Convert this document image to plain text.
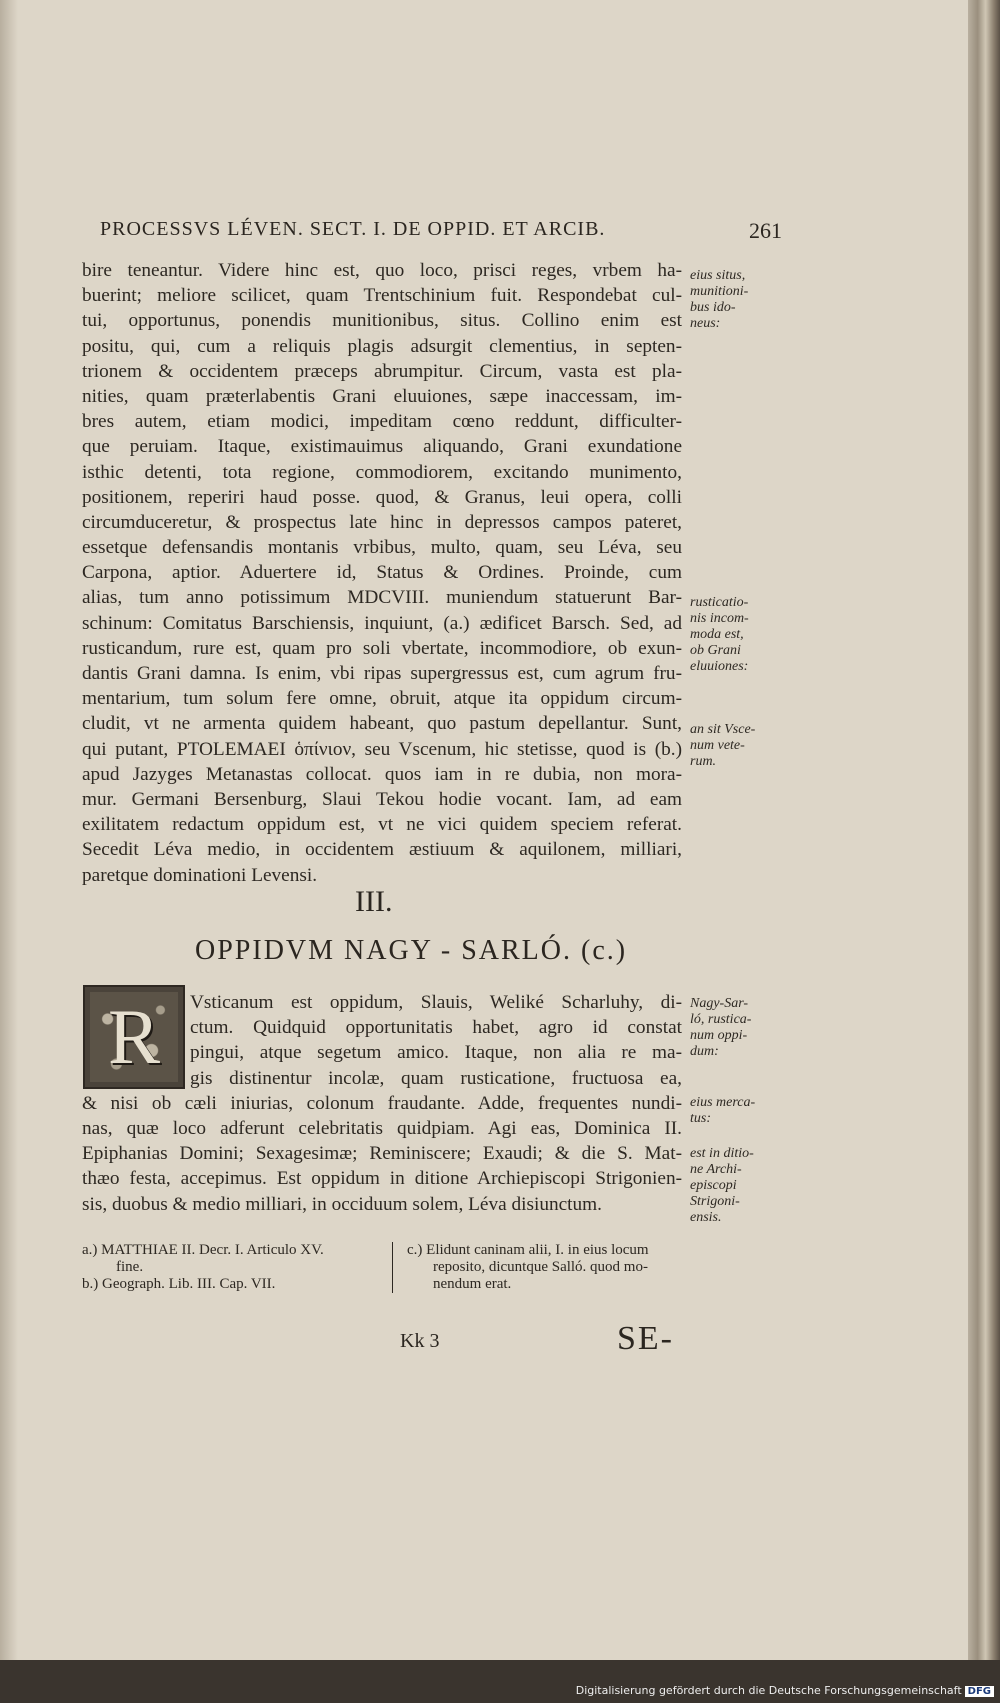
PROCESSVS LÉVEN. SECT. I. DE OPPID. ET ARCIB.	261
bire teneantur. Videre hinc est, quo loco, prisci reges, vrbem ha-
buerint; meliore scilicet, quam Trentschinium fuit. Respondebat cul-
tui, opportunus, ponendis munitionibus, situs. Collino enim est
positu, qui, cum a reliquis plagis adsurgit clementius, in septen-
trionem & occidentem præceps abrumpitur. Circum, vasta est pla-
nities, quam præterlabentis Grani eluuiones, sæpe inaccessam, im-
bres autem, etiam modici, impeditam cœno reddunt, difficulter-
que peruiam. Itaque, existimauimus aliquando, Grani exundatione
isthic detenti, tota regione, commodiorem, excitando munimento,
positionem, reperiri haud posse. quod, & Granus, leui opera, colli
circumduceretur, & prospectus late hinc in depressos campos pateret,
essetque defensandis montanis vrbibus, multo, quam, seu Léva, seu
Carpona, aptior. Aduertere id, Status & Ordines. Proinde, cum
alias, tum anno potissimum MDCVIII. muniendum statuerunt Bar-
schinum: Comitatus Barschiensis, inquiunt, (a.) ædificet Barsch. Sed, ad
rusticandum, rure est, quam pro soli vbertate, incommodiore, ob exun-
dantis Grani damna. Is enim, vbi ripas supergressus est, cum agrum fru-
mentarium, tum solum fere omne, obruit, atque ita oppidum circum-
cludit, vt ne armenta quidem habeant, quo pastum depellantur. Sunt,
qui putant, PTOLEMAEI ὁπίνιον, seu Vscenum, hic stetisse, quod is (b.)
apud Jazyges Metanastas collocat. quos iam in re dubia, non mora-
mur. Germani Bersenburg, Slaui Tekou hodie vocant. Iam, ad eam
exilitatem redactum oppidum est, vt ne vici quidem speciem referat.
Secedit Léva medio, in occidentem æstiuum & aquilonem, milliari,
paretque dominationi Levensi.
eius situs,
munitioni-
bus ido-
neus:
rusticatio-
nis incom-
moda est,
ob Grani
eluuiones:
an sit Vsce-
num vete-
rum.
III.
OPPIDVM NAGY - SARLÓ. (c.)
R	Vsticanum est oppidum, Slauis, Weliké Scharluhy, di-
ctum. Quidquid opportunitatis habet, agro id constat
pingui, atque segetum amico. Itaque, non alia re ma-
gis distinentur incolæ, quam rusticatione, fructuosa ea,
& nisi ob cæli iniurias, colonum fraudante. Adde, frequentes nundi-
nas, quæ loco adferunt celebritatis quidpiam. Agi eas, Dominica II.
Epiphanias Domini; Sexagesimæ; Reminiscere; Exaudi; & die S. Mat-
thæo festa, accepimus. Est oppidum in ditione Archiepiscopi Strigonien-
sis, duobus & medio milliari, in occiduum solem, Léva disiunctum.
Nagy-Sar-
ló, rustica-
num oppi-
dum:
eius merca-
tus:
est in ditio-
ne Archi-
episcopi
Strigoni-
ensis.
a.) MATTHIAE II. Decr. I. Articulo XV.
fine.
b.) Geograph. Lib. III. Cap. VII.
c.) Elidunt caninam alii, I. in eius locum
reposito, dicuntque Salló. quod mo-
nendum erat.
Kk 3	SE-
Digitalisierung gefördert durch die Deutsche Forschungsgemeinschaft DFG
